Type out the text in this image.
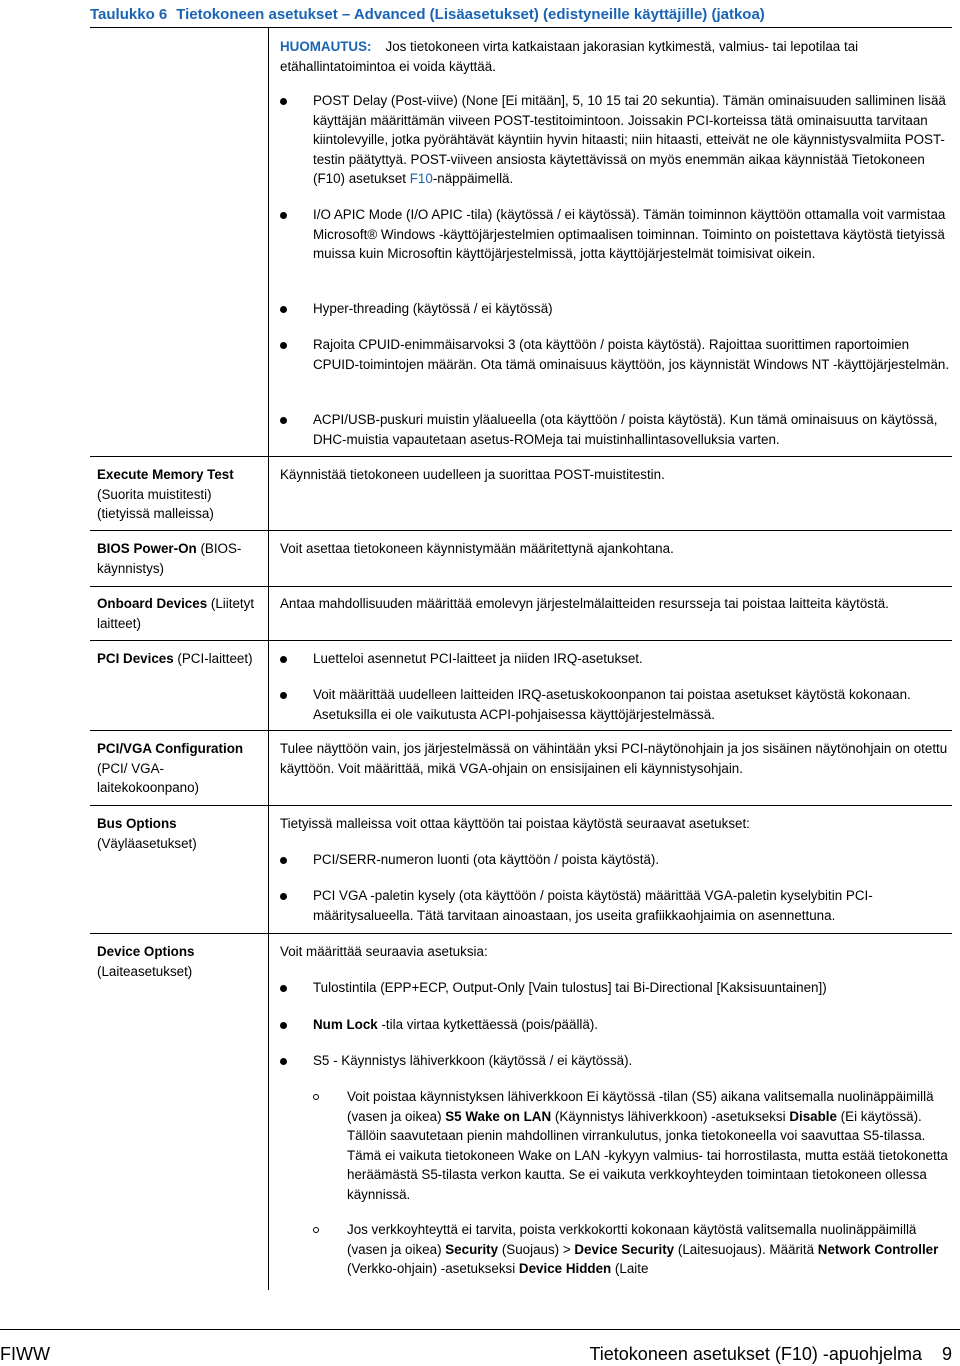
Taulukko 6 Tietokoneen asetukset – Advanced (Lisäasetukset) (edistyneille käyttäjille) (jatkoa)
HUOMAUTUS: Jos tietokoneen virta katkaistaan jakorasian kytkimestä, valmius- tai lepotilaa tai etähallintatoimintoa ei voida käyttää.
POST Delay (Post-viive) (None [Ei mitään], 5, 10 15 tai 20 sekuntia). Tämän ominaisuuden salliminen lisää käyttäjän määrittämän viiveen POST-testitoimintoon. Joissakin PCI-korteissa tätä ominaisuutta tarvitaan kiintolevyille, jotka pyörähtävät käyntiin hyvin hitaasti; niin hitaasti, etteivät ne ole käynnistysvalmiita POST-testin päätyttyä. POST-viiveen ansiosta käytettävissä on myös enemmän aikaa käynnistää Tietokoneen (F10) asetukset F10-näppäimellä.
I/O APIC Mode (I/O APIC -tila) (käytössä / ei käytössä). Tämän toiminnon käyttöön ottamalla voit varmistaa Microsoft® Windows -käyttöjärjestelmien optimaalisen toiminnan. Toiminto on poistettava käytöstä tietyissä muissa kuin Microsoftin käyttöjärjestelmissä, jotta käyttöjärjestelmät toimisivat oikein.
Hyper-threading (käytössä / ei käytössä)
Rajoita CPUID-enimmäisarvoksi 3 (ota käyttöön / poista käytöstä). Rajoittaa suorittimen raportoimien CPUID-toimintojen määrän. Ota tämä ominaisuus käyttöön, jos käynnistät Windows NT -käyttöjärjestelmän.
ACPI/USB-puskuri muistin yläalueella (ota käyttöön / poista käytöstä). Kun tämä ominaisuus on käytössä, DHC-muistia vapautetaan asetus-ROMeja tai muistinhallintasovelluksia varten.
Execute Memory Test (Suorita muistitesti) (tietyissä malleissa)
Käynnistää tietokoneen uudelleen ja suorittaa POST-muistitestin.
BIOS Power-On (BIOS-käynnistys)
Voit asettaa tietokoneen käynnistymään määritettynä ajankohtana.
Onboard Devices (Liitetyt laitteet)
Antaa mahdollisuuden määrittää emolevyn järjestelmälaitteiden resursseja tai poistaa laitteita käytöstä.
PCI Devices (PCI-laitteet)	Luetteloi asennetut PCI-laitteet ja niiden IRQ-asetukset.
Voit määrittää uudelleen laitteiden IRQ-asetuskokoonpanon tai poistaa asetukset käytöstä kokonaan. Asetuksilla ei ole vaikutusta ACPI-pohjaisessa käyttöjärjestelmässä.
PCI/VGA Configuration (PCI/ VGA-laitekokoonpano)
Tulee näyttöön vain, jos järjestelmässä on vähintään yksi PCI-näytönohjain ja jos sisäinen näytönohjain on otettu käyttöön. Voit määrittää, mikä VGA-ohjain on ensisijainen eli käynnistysohjain.
Bus Options (Väyläasetukset)
Tietyissä malleissa voit ottaa käyttöön tai poistaa käytöstä seuraavat asetukset:
PCI/SERR-numeron luonti (ota käyttöön / poista käytöstä).
PCI VGA -paletin kysely (ota käyttöön / poista käytöstä) määrittää VGA-paletin kyselybitin PCI-määritysalueella. Tätä tarvitaan ainoastaan, jos useita grafiikkaohjaimia on asennettuna.
Device Options (Laiteasetukset)
Voit määrittää seuraavia asetuksia:
Tulostintila (EPP+ECP, Output-Only [Vain tulostus] tai Bi-Directional [Kaksisuuntainen])
Num Lock -tila virtaa kytkettäessä (pois/päällä).
S5 - Käynnistys lähiverkkoon (käytössä / ei käytössä).
Voit poistaa käynnistyksen lähiverkkoon Ei käytössä -tilan (S5) aikana valitsemalla nuolinäppäimillä (vasen ja oikea) S5 Wake on LAN (Käynnistys lähiverkkoon) -asetukseksi Disable (Ei käytössä). Tällöin saavutetaan pienin mahdollinen virrankulutus, jonka tietokoneella voi saavuttaa S5-tilassa. Tämä ei vaikuta tietokoneen Wake on LAN -kykyyn valmius- tai horrostilasta, mutta estää tietokonetta heräämästä S5-tilasta verkon kautta. Se ei vaikuta verkkoyhteyden toimintaan tietokoneen ollessa käynnissä.
Jos verkkoyhteyttä ei tarvita, poista verkkokortti kokonaan käytöstä valitsemalla nuolinäppäimillä (vasen ja oikea) Security (Suojaus) > Device Security (Laitesuojaus). Määritä Network Controller (Verkko-ohjain) -asetukseksi Device Hidden (Laite
FIWW	Tietokoneen asetukset (F10) -apuohjelma 9
